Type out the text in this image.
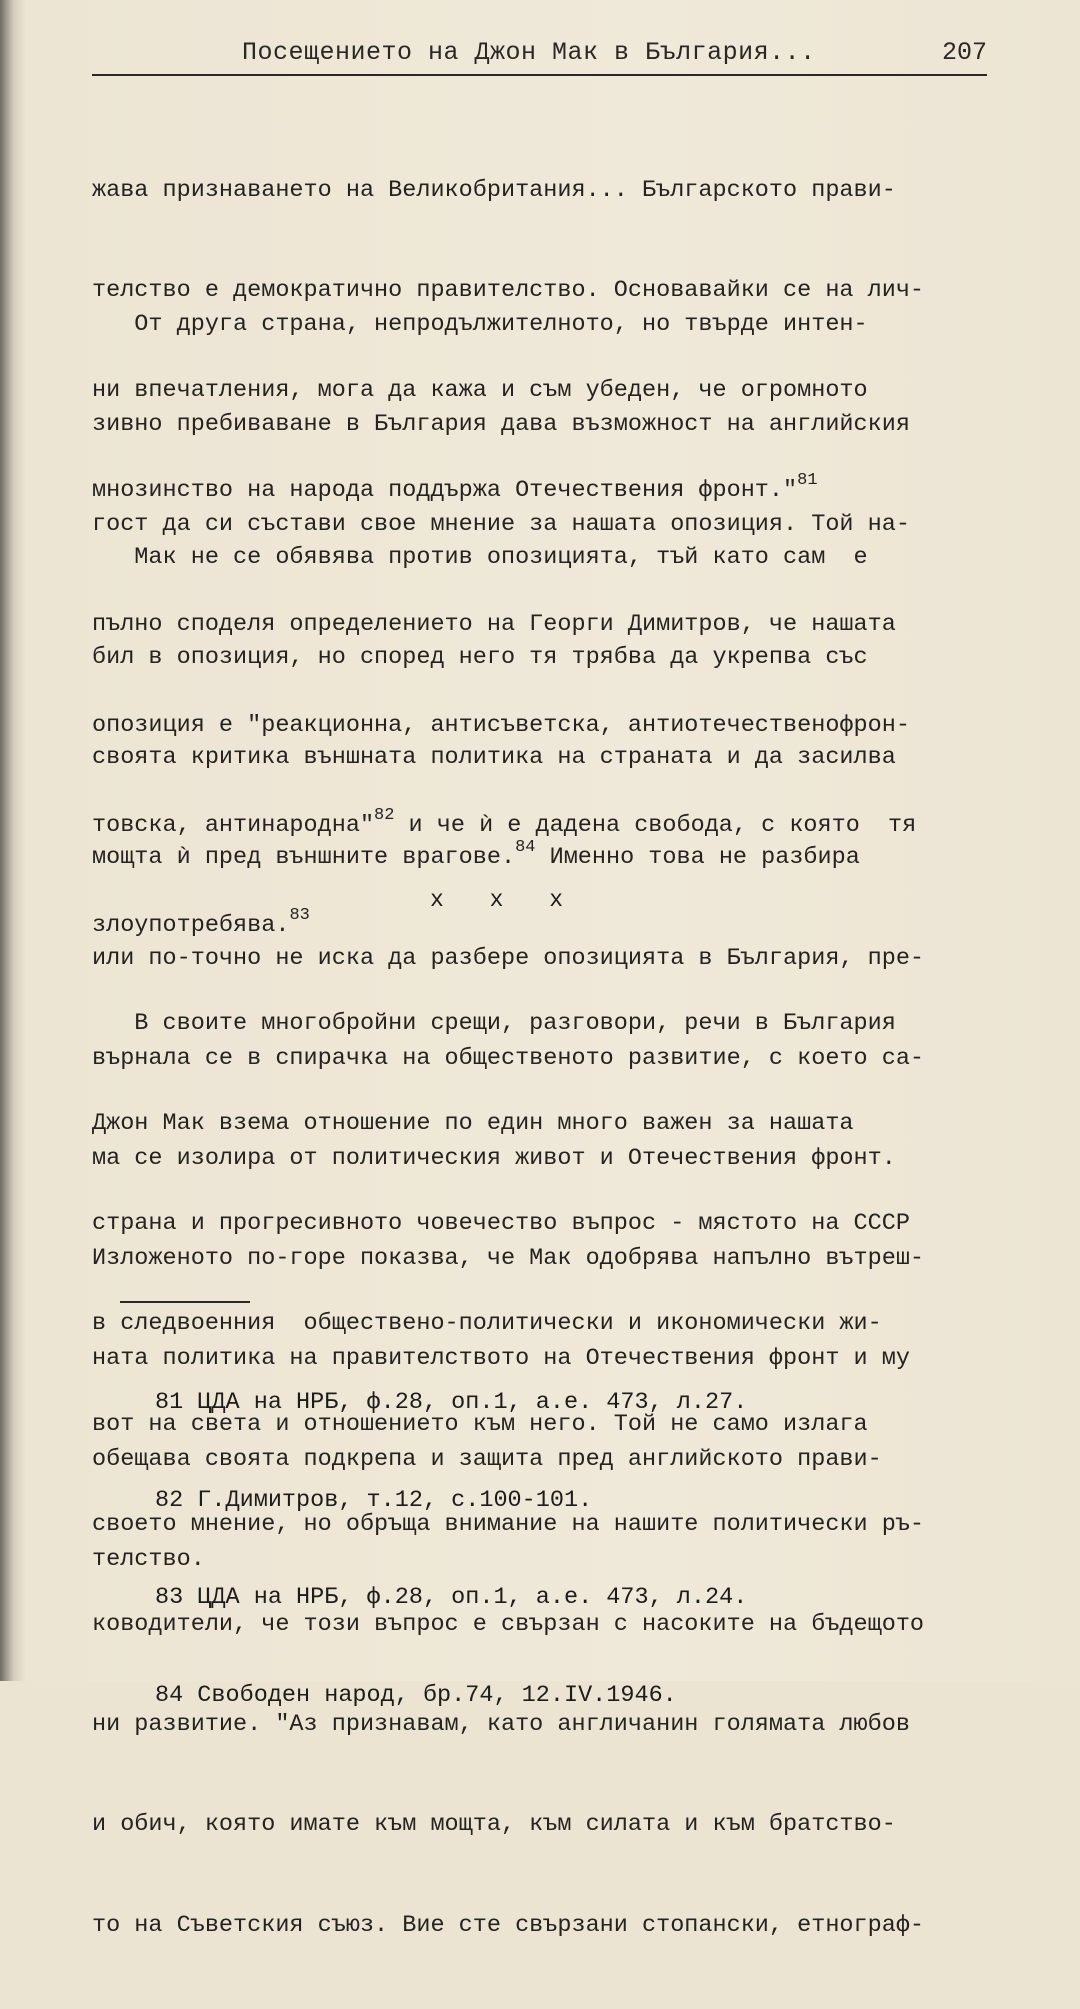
Посещението на Джон Мак в България...	207

жава признаването на Великобритания... Българското прави-

телство е демократично правителство. Основавайки се на лич-

ни впечатления, мога да кажа и съм убеден, че огромното

мнозинство на народа поддържа Отечествения фронт."$^{81}$

От друга страна, непродължителното, но твърде интен-

зивно пребиваване в България дава възможност на английския

гост да си състави свое мнение за нашата опозиция. Той на-

пълно споделя определението на Георги Димитров, че нашата

опозиция е "реакционна, антисъветска, антиотечественофрон-

товска, антинародна"$^{82}$ и че ѝ е дадена свобода, с която  тя

злоупотребява.$^{83}$

Мак не се обявява против опозицията, тъй като сам  е

бил в опозиция, но според него тя трябва да укрепва със

своята критика външната политика на страната и да засилва

мощта ѝ пред външните врагове.$^{84}$ Именно това не разбира

или по-точно не иска да разбере опозицията в България, пре-

върнала се в спирачка на общественото развитие, с което са-

ма се изолира от политическия живот и Отечествения фронт.

Изложеното по-горе показва, че Мак одобрява напълно вътреш-

ната политика на правителството на Отечествения фронт и му

обещава своята подкрепа и защита пред английското прави-

телство.

x x x

В своите многобройни срещи, разговори, речи в България

Джон Мак взема отношение по един много важен за нашата

страна и прогресивното човечество въпрос - мястото на СССР

в следвоенния  обществено-политически и икономически жи-

вот на света и отношението към него. Той не само излага

своето мнение, но обръща внимание на нашите политически ръ-

ководители, че този въпрос е свързан с насоките на бъдещото

ни развитие. "Аз признавам, като англичанин голямата любов

и обич, която имате към мощта, към силата и към братство-

то на Съветския съюз. Вие сте свързани стопански, етнограф-

81 ЦДА на НРБ, ф.28, оп.1, а.е. 473, л.27.

82 Г.Димитров, т.12, с.100-101.

83 ЦДА на НРБ, ф.28, оп.1, а.е. 473, л.24.

84 Свободен народ, бр.74, 12.IV.1946.
